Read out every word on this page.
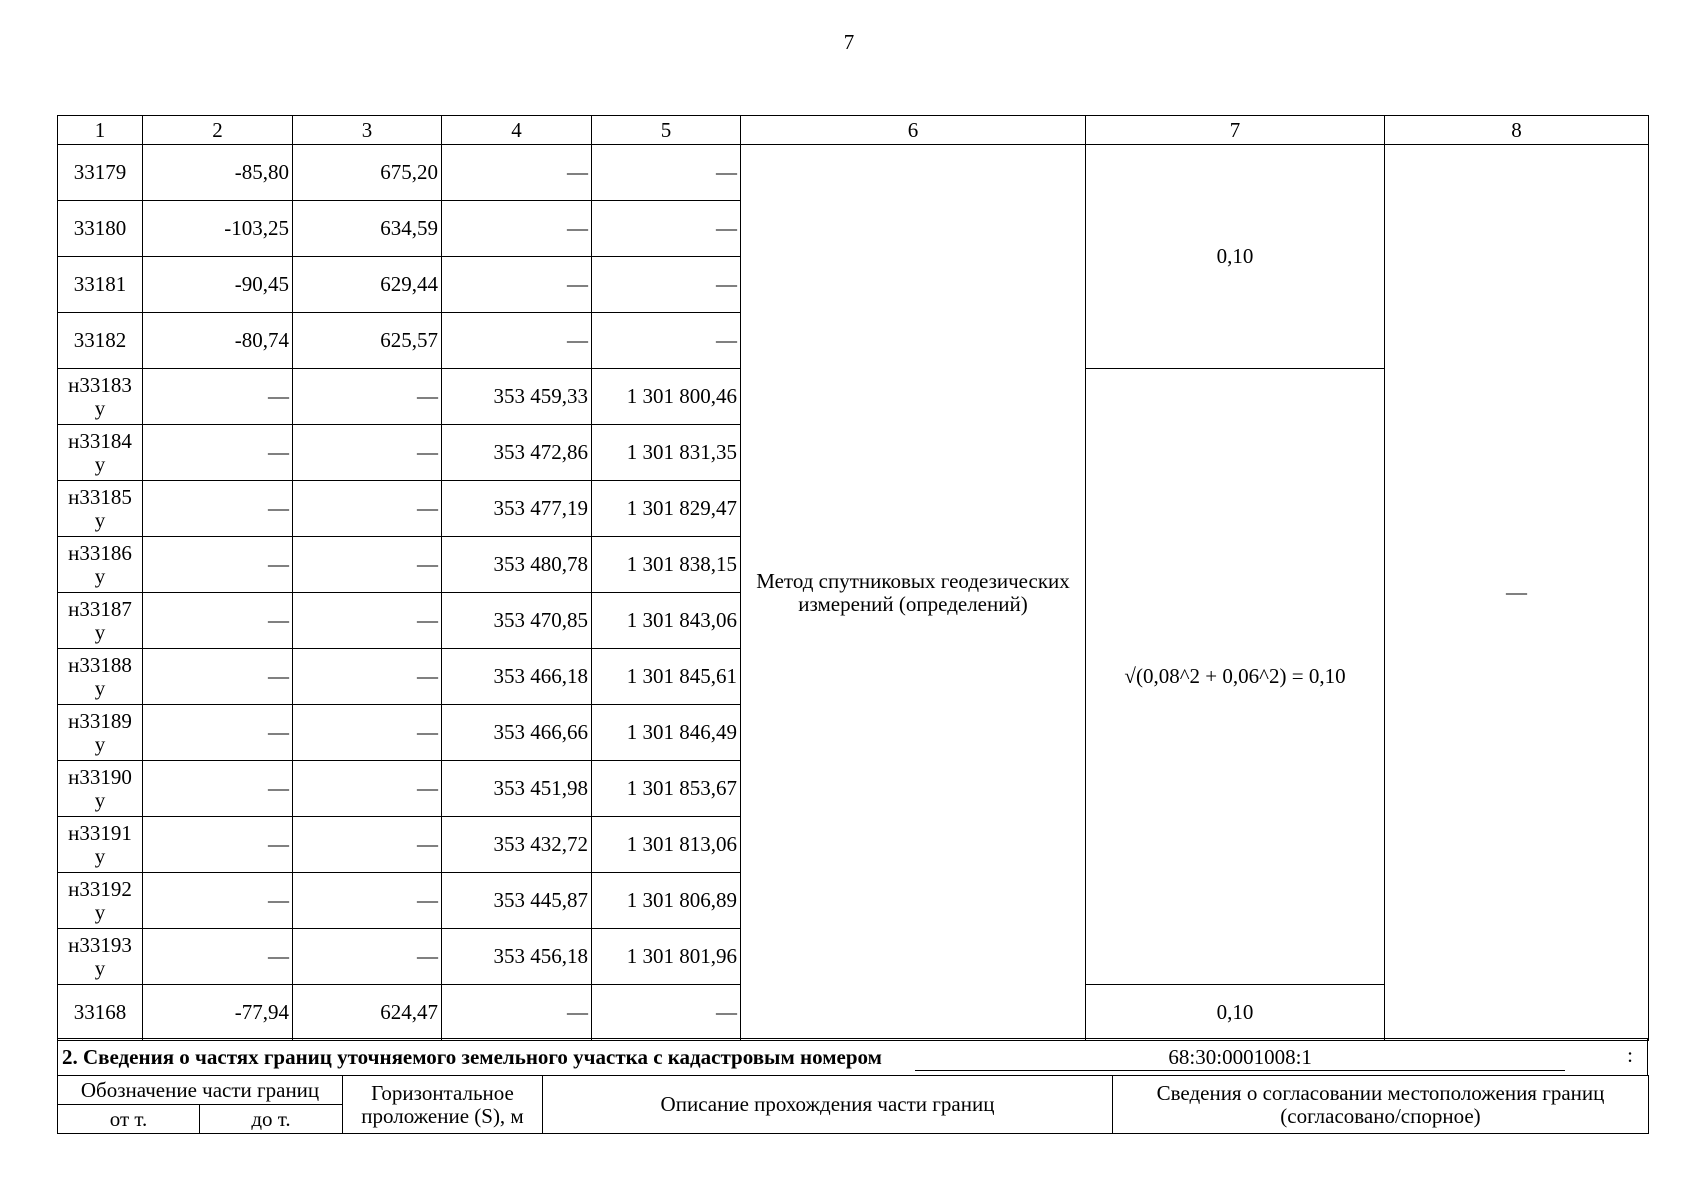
7
1	2	3	4	5	6	7	8
33179	-85,80	675,20	—	—	Метод спутниковых геодезических измерений (определений)	0,10	—
33180	-103,25	634,59	—	—			
33181	-90,45	629,44	—	—			
33182	-80,74	625,57	—	—			
н33183 у	—	—	353 459,33	1 301 800,46		√(0,08^2 + 0,06^2) = 0,10	
н33184 у	—	—	353 472,86	1 301 831,35			
н33185 у	—	—	353 477,19	1 301 829,47			
н33186 у	—	—	353 480,78	1 301 838,15			
н33187 у	—	—	353 470,85	1 301 843,06			
н33188 у	—	—	353 466,18	1 301 845,61			
н33189 у	—	—	353 466,66	1 301 846,49			
н33190 у	—	—	353 451,98	1 301 853,67			
н33191 у	—	—	353 432,72	1 301 813,06			
н33192 у	—	—	353 445,87	1 301 806,89			
н33193 у	—	—	353 456,18	1 301 801,96			
33168	-77,94	624,47	—	—		0,10	
2. Сведения о частях границ уточняемого земельного участка с кадастровым номером	68:30:0001008:1	:
Обозначение части границ		Горизонтальное проложение (S), м	Описание прохождения части границ	Сведения о согласовании местоположения границ (согласовано/спорное)
от т.	до т.			
